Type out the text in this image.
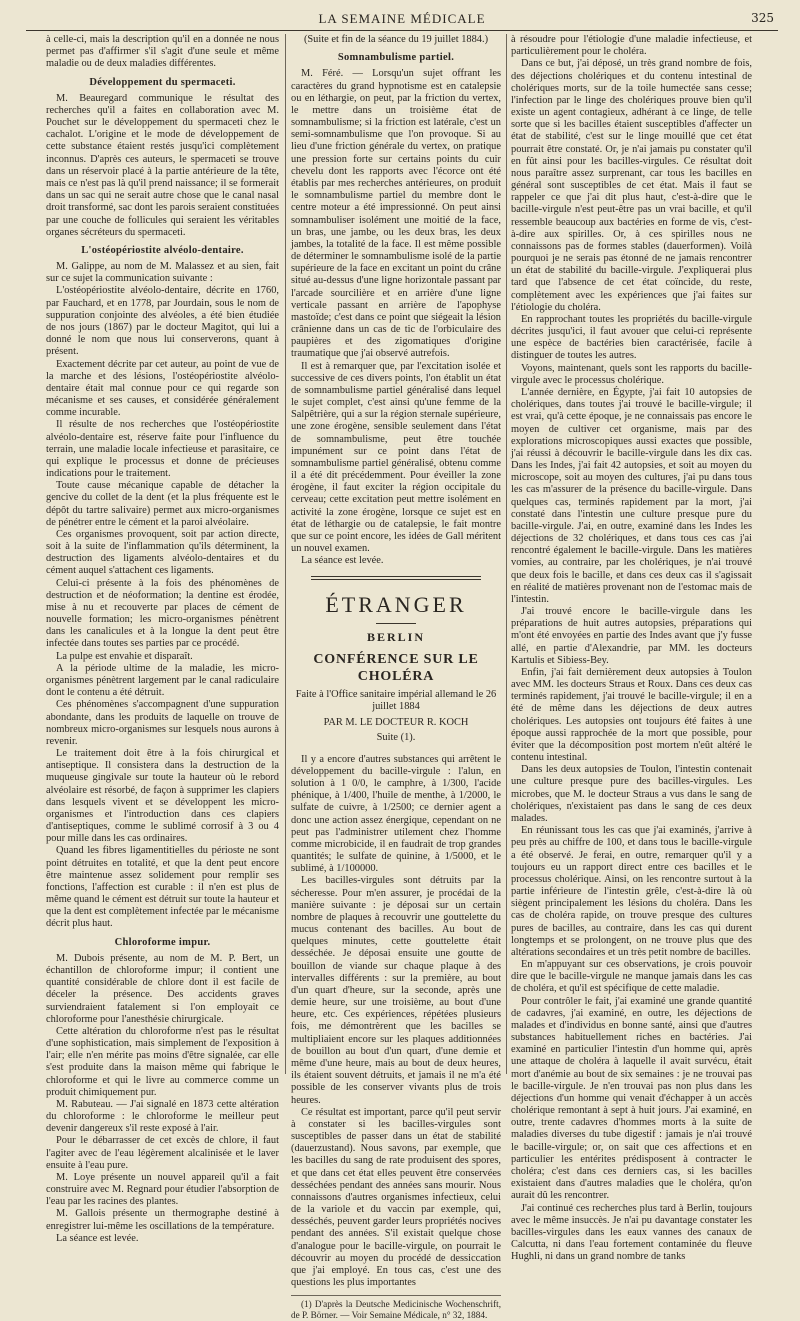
LA SEMAINE MÉDICALE	325

à celle-ci, mais la description qu'il en a donnée ne nous permet pas d'affirmer s'il s'agit d'une seule et même maladie ou de deux maladies différentes.

Développement du spermaceti.

M. Beauregard communique le résultat des recherches qu'il a faites en collaboration avec M. Pouchet sur le développement du spermaceti chez le cachalot. L'origine et le mode de développement de cette substance étaient restés jusqu'ici complètement inconnus. D'après ces auteurs, le spermaceti se trouve dans un réservoir placé à la partie antérieure de la tête, mais ce n'est pas là qu'il prend naissance; il se formerait dans un sac qui ne serait autre chose que le canal nasal droit transformé, sac dont les parois seraient constituées par une couche de follicules qui seraient les véritables organes sécréteurs du spermaceti.

L'ostéopériostite alvéolo-dentaire.

M. Galippe, au nom de M. Malassez et au sien, fait sur ce sujet la communication suivante :

L'ostéopériostite alvéolo-dentaire, décrite en 1760, par Fauchard, et en 1778, par Jourdain, sous le nom de suppuration conjointe des alvéoles, a été bien étudiée de nos jours (1867) par le docteur Magitot, qui lui a donné le nom que nous lui conserverons, quant à présent.

Exactement décrite par cet auteur, au point de vue de la marche et des lésions, l'ostéopériostite alvéolo-dentaire était mal connue pour ce qui regarde son mécanisme et ses causes, et considérée généralement comme incurable.

Il résulte de nos recherches que l'ostéopériostite alvéolo-dentaire est, réserve faite pour l'influence du terrain, une maladie locale infectieuse et parasitaire, ce qui explique le processus et donne de précieuses indications pour le traitement.

Toute cause mécanique capable de détacher la gencive du collet de la dent (et la plus fréquente est le dépôt du tartre salivaire) permet aux micro-organismes de pénétrer entre le cément et la paroi alvéolaire.

Ces organismes provoquent, soit par action directe, soit à la suite de l'inflammation qu'ils déterminent, la destruction des ligaments alvéolo-dentaires et du cément auquel s'attachent ces ligaments.

Celui-ci présente à la fois des phénomènes de destruction et de néoformation; la dentine est érodée, mise à nu et recouverte par places de cément de nouvelle formation; les micro-organismes pénètrent dans les canalicules et à la longue la dent peut être infectée dans toutes ses parties par ce procédé.

La pulpe est envahie et disparaît.

A la période ultime de la maladie, les micro-organismes pénètrent largement par le canal radiculaire dont le contenu a été détruit.

Ces phénomènes s'accompagnent d'une suppuration abondante, dans les produits de laquelle on trouve de nombreux micro-organismes sur lesquels nous aurons à revenir.

Le traitement doit être à la fois chirurgical et antiseptique. Il consistera dans la destruction de la muqueuse gingivale sur toute la hauteur où le rebord alvéolaire est résorbé, de façon à supprimer les clapiers dans lesquels vivent et se développent les micro-organismes et l'introduction dans ces clapiers d'antiseptiques, comme le sublimé corrosif à 3 ou 4 pour mille dans les cas ordinaires.

Quand les fibres ligamentitielles du périoste ne sont point détruites en totalité, et que la dent peut encore être maintenue assez solidement pour remplir ses fonctions, l'affection est curable : il n'en est plus de même quand le cément est détruit sur toute la hauteur et que la dent est complètement infectée par le mécanisme décrit plus haut.

Chloroforme impur.

M. Dubois présente, au nom de M. P. Bert, un échantillon de chloroforme impur; il contient une quantité considérable de chlore dont il est facile de déceler la présence. Des accidents graves surviendraient fatalement si l'on employait ce chloroforme pour l'anesthésie chirurgicale.

Cette altération du chloroforme n'est pas le résultat d'une sophistication, mais simplement de l'exposition à l'air; elle n'en mérite pas moins d'être signalée, car elle s'est produite dans la maison même qui fabrique le chloroforme et qui le livre au commerce comme un produit chimiquement pur.

M. Rabuteau. — J'ai signalé en 1873 cette altération du chloroforme : le chloroforme le meilleur peut devenir dangereux s'il reste exposé à l'air.

Pour le débarrasser de cet excès de chlore, il faut l'agiter avec de l'eau légèrement alcalinisée et le laver ensuite à l'eau pure.

M. Loye présente un nouvel appareil qu'il a fait construire avec M. Regnard pour étudier l'absorption de l'eau par les racines des plantes.

M. Gallois présente un thermographe destiné à enregistrer lui-même les oscillations de la température.

La séance est levée.

(Suite et fin de la séance du 19 juillet 1884.)

Somnambulisme partiel.

M. Féré. — Lorsqu'un sujet offrant les caractères du grand hypnotisme est en catalepsie ou en léthargie, on peut, par la friction du vertex, le mettre dans un troisième état de somnambulisme; si la friction est latérale, c'est un semi-somnambulisme que l'on provoque. Si au lieu d'une friction générale du vertex, on pratique une pression forte sur certains points du cuir chevelu dont les rapports avec l'écorce ont été établis par mes recherches antérieures, on produit le somnambulisme partiel du membre dont le centre moteur a été impressionné. On peut ainsi somnambuliser isolément une moitié de la face, un bras, une jambe, ou les deux bras, les deux jambes, la totalité de la face. Il est même possible de déterminer le somnambulisme isolé de la partie supérieure de la face en excitant un point du crâne situé au-dessus d'une ligne horizontale passant par l'arcade sourcilière et en arrière d'une ligne verticale passant en arrière de l'apophyse mastoïde; c'est dans ce point que siégeait la lésion crânienne dans un cas de tic de l'orbiculaire des paupières et des zigomatiques d'origine traumatique que j'ai observé autrefois.

Il est à remarquer que, par l'excitation isolée et successive de ces divers points, l'on établit un état de somnambulisme partiel généralisé dans lequel le sujet complet, c'est ainsi qu'une femme de la Salpêtrière, qui a sur la région sternale supérieure, une zone érogène, sensible seulement dans l'état de somnambulisme, peut être touchée impunément sur ce point dans l'état de somnambulisme partiel généralisé, obtenu comme il a été dit précédemment. Pour éveiller la zone érogène, il faut exciter la région occipitale du cerveau; cette excitation peut mettre isolément en activité la zone érogène, lorsque ce sujet est en état de léthargie ou de catalepsie, le fait montre que sur ce point encore, les idées de Gall méritent un nouvel examen.

La séance est levée.

ÉTRANGER
BERLIN
CONFÉRENCE SUR LE CHOLÉRA
Faite à l'Office sanitaire impérial allemand le 26 juillet 1884
PAR M. LE DOCTEUR R. KOCH
Suite (1).

Il y a encore d'autres substances qui arrêtent le développement du bacille-virgule : l'alun, en solution à 1 0/0, le camphre, à 1/300, l'acide phénique, à 1/400, l'huile de menthe, à 1/2000, le sulfate de cuivre, à 1/2500; ce dernier agent a donc une action assez énergique, cependant on ne peut pas l'administrer utilement chez l'homme comme microbicide, il en faudrait de trop grandes quantités; le sulfate de quinine, à 1/5000, et le sublimé, à 1/100000.

Les bacilles-virgules sont détruits par la sécheresse. Pour m'en assurer, je procédai de la manière suivante : je déposai sur un certain nombre de plaques à recouvrir une gouttelette du mucus contenant des bacilles. Au bout de quelques minutes, cette gouttelette était desséchée. Je déposai ensuite une goutte de bouillon de viande sur chaque plaque à des intervalles différents : sur la première, au bout d'un quart d'heure, sur la seconde, après une demie heure, sur une troisième, au bout d'une heure, etc. Ces expériences, répétées plusieurs fois, me démontrèrent que les bacilles se multipliaient encore sur les plaques additionnées de bouillon au bout d'un quart, d'une demie et même d'une heure, mais au bout de deux heures, ils étaient souvent détruits, et jamais il ne m'a été possible de les conserver vivants plus de trois heures.

Ce résultat est important, parce qu'il peut servir à constater si les bacilles-virgules sont susceptibles de passer dans un état de stabilité (dauerzustand). Nous savons, par exemple, que les bacilles du sang de rate produisent des spores, et que dans cet état elles peuvent être conservées desséchées pendant des années sans mourir. Nous connaissons d'autres organismes infectieux, celui de la variole et du vaccin par exemple, qui, desséchés, peuvent garder leurs propriétés nocives pendant des années. S'il existait quelque chose d'analogue pour le bacille-virgule, on pourrait le découvrir au moyen du procédé de dessiccation que j'ai employé. En tous cas, c'est une des questions les plus importantes

(1) D'après la Deutsche Medicinische Wochenschrift, de P. Börner. — Voir Semaine Médicale, n° 32, 1884.

à résoudre pour l'étiologie d'une maladie infectieuse, et particulièrement pour le choléra.

Dans ce but, j'ai déposé, un très grand nombre de fois, des déjections cholériques et du contenu intestinal de cholériques morts, sur de la toile humectée sans cesse; l'infection par le linge des cholériques prouve bien qu'il existe un agent contagieux, adhérant à ce linge, de telle sorte que si les bacilles étaient susceptibles d'affecter un état de stabilité, c'est sur le linge mouillé que cet état pourrait être constaté. Or, je n'ai jamais pu constater qu'il en fût ainsi pour les bacilles-virgules. Ce résultat doit nous paraître assez surprenant, car tous les bacilles en général sont susceptibles de cet état. Mais il faut se rappeler ce que j'ai dit plus haut, c'est-à-dire que le bacille-virgule n'est peut-être pas un vrai bacille, et qu'il ressemble beaucoup aux bactéries en forme de vis, c'est-à-dire aux spirilles. Or, à ces spirilles nous ne connaissons pas de formes stables (dauerformen). Voilà pourquoi je ne serais pas étonné de ne jamais rencontrer un état de stabilité du bacille-virgule. J'expliquerai plus tard que l'absence de cet état coïncide, du reste, complètement avec les expériences que j'ai faites sur l'étiologie du choléra.

En rapprochant toutes les propriétés du bacille-virgule décrites jusqu'ici, il faut avouer que celui-ci représente une espèce de bactéries bien caractérisée, facile à distinguer de toutes les autres.

Voyons, maintenant, quels sont les rapports du bacille-virgule avec le processus cholérique.

L'année dernière, en Égypte, j'ai fait 10 autopsies de cholériques, dans toutes j'ai trouvé le bacille-virgule; il est vrai, qu'à cette époque, je ne connaissais pas encore le moyen de cultiver cet organisme, mais par des explorations microscopiques aussi exactes que possible, j'ai réussi à découvrir le bacille-virgule dans les dix cas. Dans les Indes, j'ai fait 42 autopsies, et soit au moyen du microscope, soit au moyen des cultures, j'ai pu dans tous les cas m'assurer de la présence du bacille-virgule. Dans quelques cas, terminés rapidement par la mort, j'ai constaté dans l'intestin une culture presque pure du bacille-virgule. J'ai, en outre, examiné dans les Indes les déjections de 32 cholériques, et dans tous ces cas j'ai rencontré également le bacille-virgule. Dans les matières vomies, au contraire, par les cholériques, je n'ai trouvé que deux fois le bacille, et dans ces deux cas il s'agissait en réalité de matières provenant non de l'estomac mais de l'intestin.

J'ai trouvé encore le bacille-virgule dans les préparations de huit autres autopsies, préparations qui m'ont été envoyées en partie des Indes avant que j'y fusse allé, en partie d'Alexandrie, par MM. les docteurs Kartulis et Sibiess-Bey.

Enfin, j'ai fait dernièrement deux autopsies à Toulon avec MM. les docteurs Straus et Roux. Dans ces deux cas terminés rapidement, j'ai trouvé le bacille-virgule; il en a été de même dans les déjections de deux autres cholériques. Les autopsies ont toujours été faites à une époque aussi rapprochée de la mort que possible, pour éviter que la décomposition post mortem n'eût altéré le contenu intestinal.

Dans les deux autopsies de Toulon, l'intestin contenait une culture presque pure des bacilles-virgules. Les microbes, que M. le docteur Straus a vus dans le sang de cholériques, n'existaient pas dans le sang de ces deux malades.

En réunissant tous les cas que j'ai examinés, j'arrive à peu près au chiffre de 100, et dans tous le bacille-virgule a été observé. Je ferai, en outre, remarquer qu'il y a toujours eu un rapport direct entre ces bacilles et le processus cholérique. Ainsi, on les rencontre surtout à la partie inférieure de l'intestin grêle, c'est-à-dire là où siègent principalement les lésions du choléra. Dans les cas de choléra rapide, on trouve presque des cultures pures de bacilles, au contraire, dans les cas qui durent longtemps et se prolongent, on ne trouve plus que des altérations secondaires et un très petit nombre de bacilles.

En m'appuyant sur ces observations, je crois pouvoir dire que le bacille-virgule ne manque jamais dans les cas de choléra, et qu'il est spécifique de cette maladie.

Pour contrôler le fait, j'ai examiné une grande quantité de cadavres, j'ai examiné, en outre, les déjections de malades et d'individus en bonne santé, ainsi que d'autres substances habituellement riches en bactéries. J'ai examiné en particulier l'intestin d'un homme qui, après une attaque de choléra à laquelle il avait survécu, était mort d'anémie au bout de six semaines : je ne trouvai pas le bacille-virgule. Je n'en trouvai pas non plus dans les déjections d'un homme qui venait d'échapper à un accès cholérique remontant à sept à huit jours. J'ai examiné, en outre, trente cadavres d'hommes morts à la suite de maladies diverses du tube digestif : jamais je n'ai trouvé le bacille-virgule; or, on sait que ces affections et en particulier les entérites prédisposent à contracter le choléra; c'est dans ces derniers cas, si les bacilles existaient dans d'autres maladies que le choléra, qu'on aurait dû les rencontrer.

J'ai continué ces recherches plus tard à Berlin, toujours avec le même insuccès. Je n'ai pu davantage constater les bacilles-virgules dans les eaux vannes des canaux de Calcutta, ni dans l'eau fortement contaminée du fleuve Hughli, ni dans un grand nombre de tanks
